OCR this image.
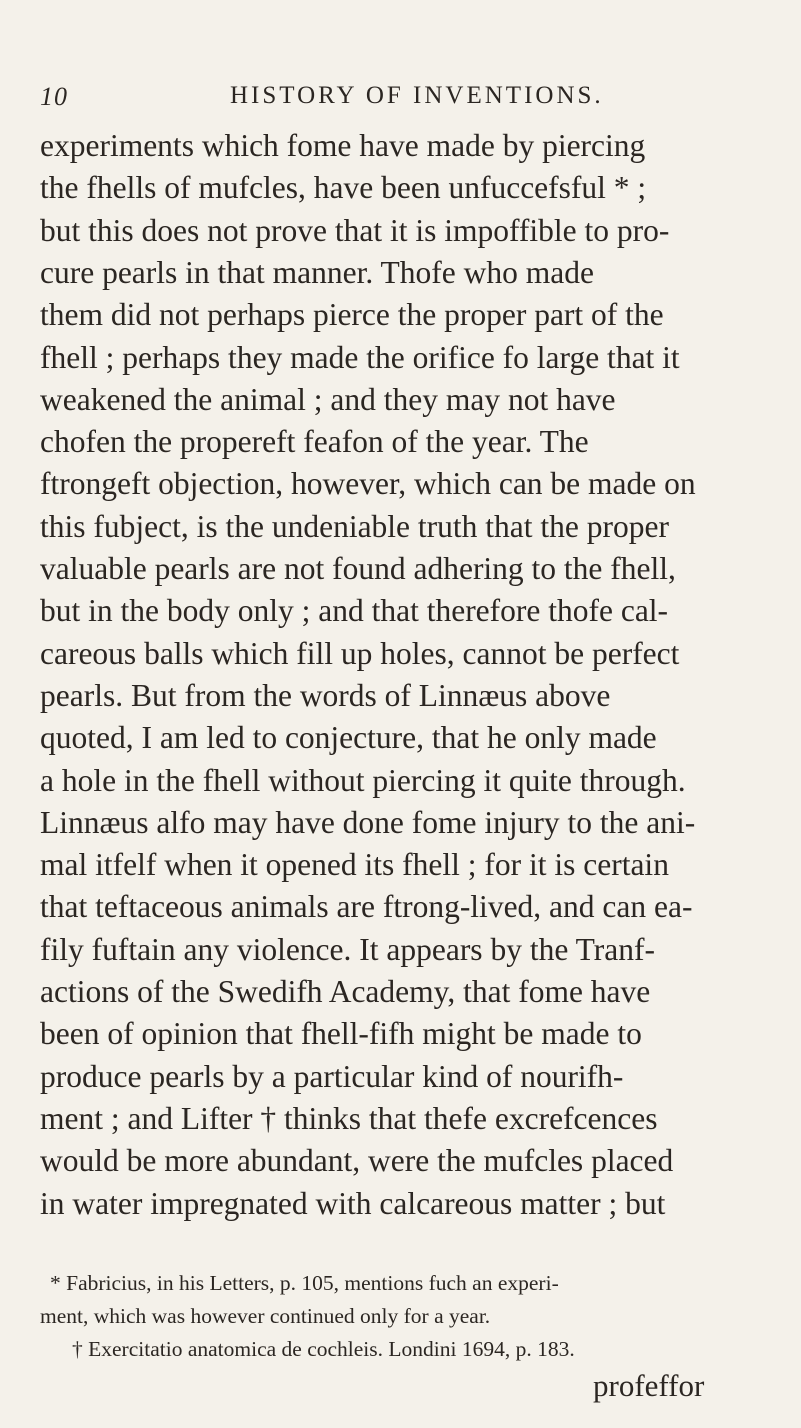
10	HISTORY OF INVENTIONS.
experiments which fome have made by piercing
the fhells of mufcles, have been unfuccefsful * ;
but this does not prove that it is impoffible to pro-
cure pearls in that manner. Thofe who made
them did not perhaps pierce the proper part of the
fhell ; perhaps they made the orifice fo large that it
weakened the animal ; and they may not have
chofen the propereft feafon of the year. The
ftrongeft objection, however, which can be made on
this fubject, is the undeniable truth that the proper
valuable pearls are not found adhering to the fhell,
but in the body only ; and that therefore thofe cal-
careous balls which fill up holes, cannot be perfect
pearls. But from the words of Linnæus above
quoted, I am led to conjecture, that he only made
a hole in the fhell without piercing it quite through.
Linnæus alfo may have done fome injury to the ani-
mal itfelf when it opened its fhell ; for it is certain
that teftaceous animals are ftrong-lived, and can ea-
fily fuftain any violence. It appears by the Tranf-
actions of the Swedifh Academy, that fome have
been of opinion that fhell-fifh might be made to
produce pearls by a particular kind of nourifh-
ment ; and Lifter † thinks that thefe excrefcences
would be more abundant, were the mufcles placed
in water impregnated with calcareous matter ; but
* Fabricius, in his Letters, p. 105, mentions fuch an experi-
ment, which was however continued only for a year.
† Exercitatio anatomica de cochleis. Londini 1694, p. 183.
profeffor
